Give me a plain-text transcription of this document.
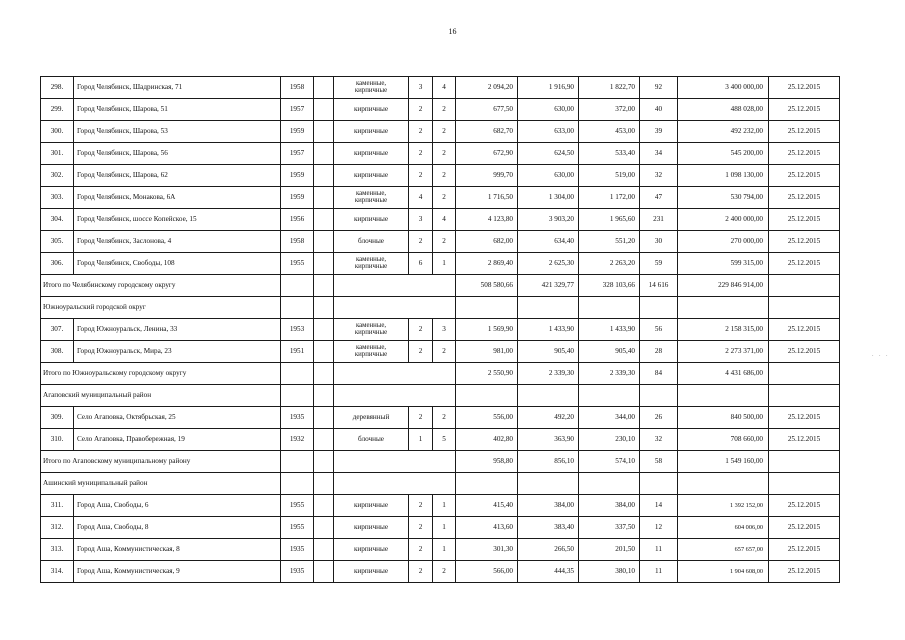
16
. . .
298.	Город Челябинск, Шадринская, 71	1958		каменные,
кирпичные	3	4	2 094,20	1 916,90	1 822,70	92	3 400 000,00	25.12.2015
299.	Город Челябинск, Шарова, 51	1957		кирпичные	2	2	677,50	630,00	372,00	40	488 028,00	25.12.2015
300.	Город Челябинск, Шарова, 53	1959		кирпичные	2	2	682,70	633,00	453,00	39	492 232,00	25.12.2015
301.	Город Челябинск, Шарова, 56	1957		кирпичные	2	2	672,90	624,50	533,40	34	545 200,00	25.12.2015
302.	Город Челябинск, Шарова, 62	1959		кирпичные	2	2	999,70	630,00	519,00	32	1 098 130,00	25.12.2015
303.	Город Челябинск, Монакова, 6А	1959		каменные,
кирпичные	4	2	1 716,50	1 304,00	1 172,00	47	530 794,00	25.12.2015
304.	Город Челябинск, шоссе Копейское, 15	1956		кирпичные	3	4	4 123,80	3 903,20	1 965,60	231	2 400 000,00	25.12.2015
305.	Город Челябинск, Заслонова, 4	1958		блочные	2	2	682,00	634,40	551,20	30	270 000,00	25.12.2015
306.	Город Челябинск, Свободы, 108	1955		каменные,
кирпичные	6	1	2 869,40	2 625,30	2 263,20	59	599 315,00	25.12.2015
Итого по Челябинскому городскому округу							508 580,66	421 329,77	328 103,66	14 616	229 846 914,00	
Южноуральский городской округ												
307.	Город Южноуральск, Ленина, 33	1953		каменные,
кирпичные	2	3	1 569,90	1 433,90	1 433,90	56	2 158 315,00	25.12.2015
308.	Город Южноуральск, Мира, 23	1951		каменные,
кирпичные	2	2	981,00	905,40	905,40	28	2 273 371,00	25.12.2015
Итого по Южноуральскому городскому округу							2 550,90	2 339,30	2 339,30	84	4 431 686,00	
Агаповский муниципальный район												
309.	Село Агаповка, Октябрьская, 25	1935		деревянный	2	2	556,00	492,20	344,00	26	840 500,00	25.12.2015
310.	Село Агаповка, Правобережная, 19	1932		блочные	1	5	402,80	363,90	230,10	32	708 660,00	25.12.2015
Итого по Агаповскому муниципальному району							958,80	856,10	574,10	58	1 549 160,00	
Ашинский муниципальный район												
311.	Город Аша, Свободы, 6	1955		кирпичные	2	1	415,40	384,00	384,00	14	1 392 152,00	25.12.2015
312.	Город Аша, Свободы, 8	1955		кирпичные	2	1	413,60	383,40	337,50	12	604 006,00	25.12.2015
313.	Город Аша, Коммунистическая, 8	1935		кирпичные	2	1	301,30	266,50	201,50	11	657 657,00	25.12.2015
314.	Город Аша, Коммунистическая, 9	1935		кирпичные	2	2	566,00	444,35	380,10	11	1 904 608,00	25.12.2015
